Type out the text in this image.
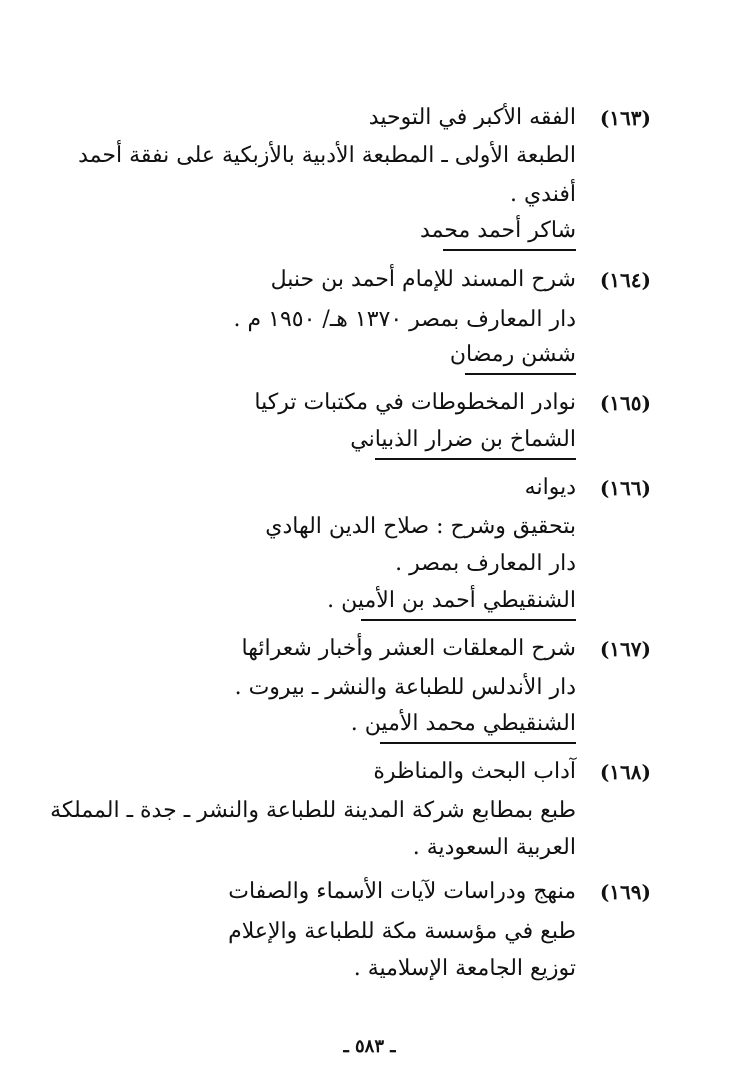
(١٦٣)
الفقه الأكبر في التوحيد
الطبعة الأولى ـ المطبعة الأدبية بالأزبكية على نفقة أحمد
أفندي .
شاكر أحمد محمد
(١٦٤)
شرح المسند للإمام أحمد بن حنبل
دار المعارف بمصر ١٣٧٠ هـ/ ١٩٥٠ م .
ششن رمضان
(١٦٥)
نوادر المخطوطات في مكتبات تركيا
الشماخ بن ضرار الذبياني
(١٦٦)
ديوانه
بتحقيق وشرح : صلاح الدين الهادي
دار المعارف بمصر .
الشنقيطي أحمد بن الأمين .
(١٦٧)
شرح المعلقات العشر وأخبار شعرائها
دار الأندلس للطباعة والنشر ـ بيروت .
الشنقيطي محمد الأمين .
(١٦٨)
آداب البحث والمناظرة
طبع بمطابع شركة المدينة للطباعة والنشر ـ جدة ـ المملكة
العربية السعودية .
(١٦٩)
منهج ودراسات لآيات الأسماء والصفات
طبع في مؤسسة مكة للطباعة والإعلام
توزيع الجامعة الإسلامية .
ـ ٥٨٣ ـ
